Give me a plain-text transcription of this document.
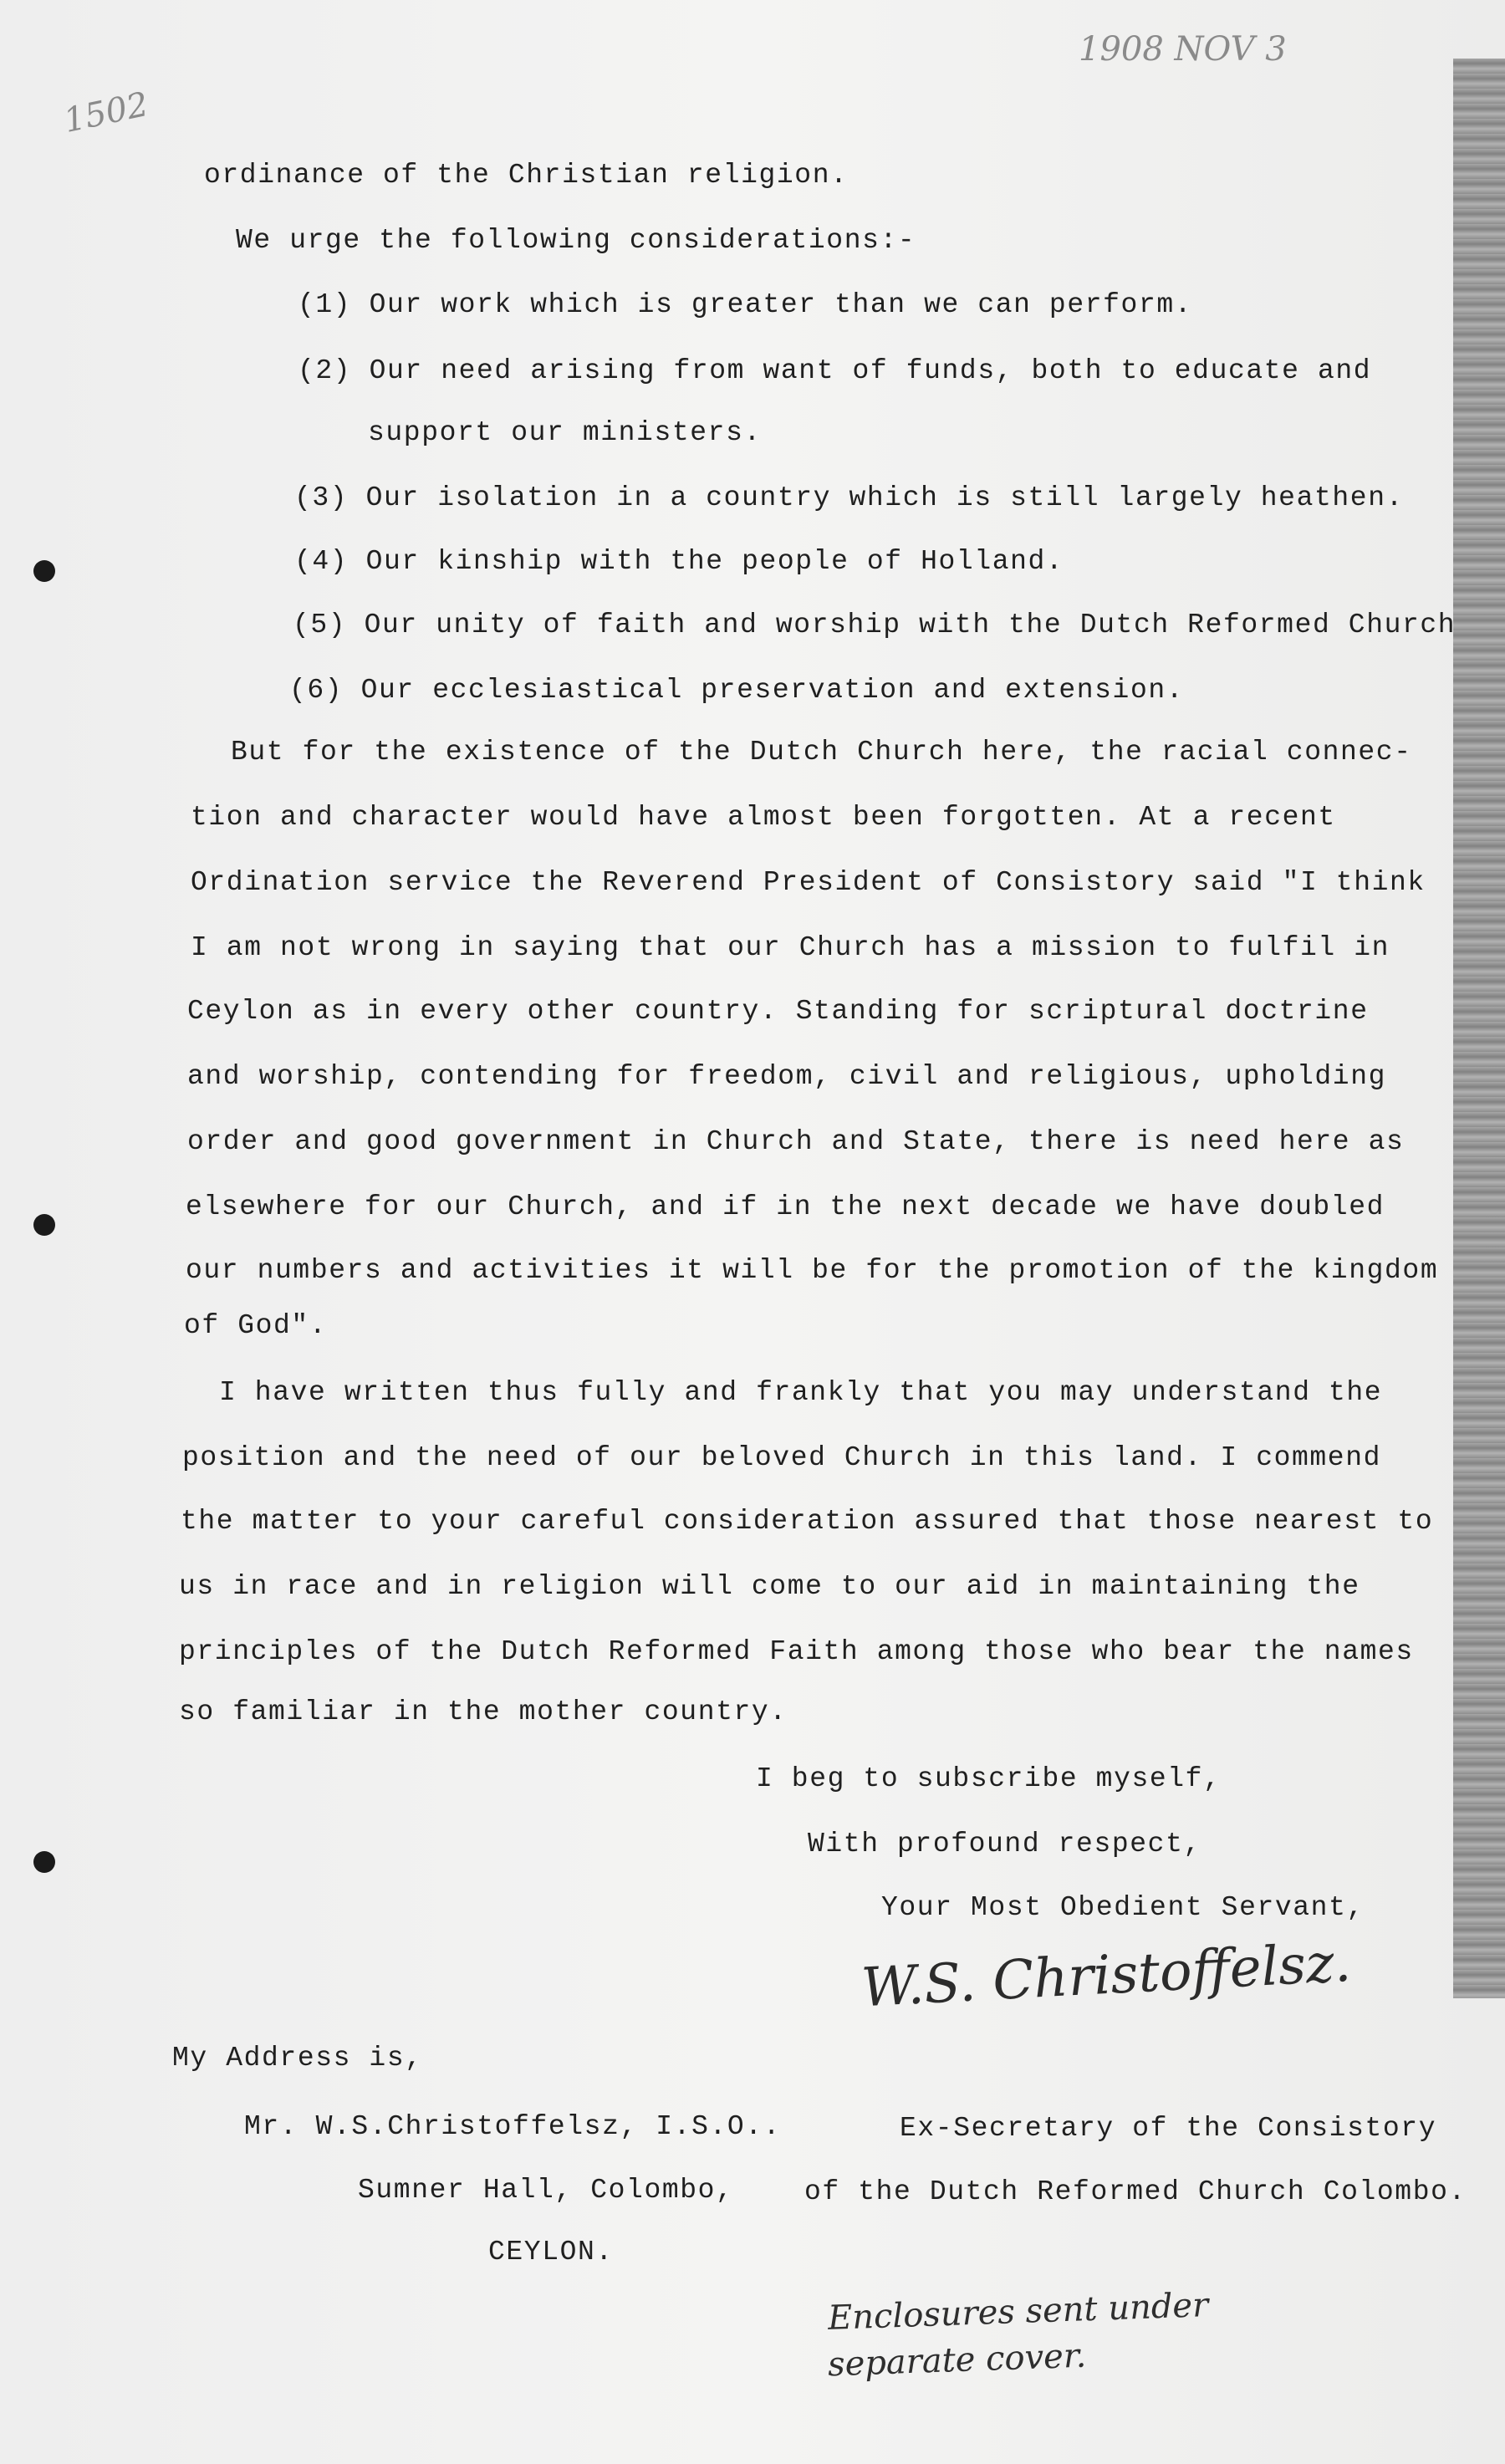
1502
1908 NOV 3
ordinance of the Christian religion.
We urge the following considerations:-
(1) Our work which is greater than we can perform.
(2) Our need arising from want of funds, both to educate and
support our ministers.
(3) Our isolation in a country which is still largely heathen.
(4) Our kinship with the people of Holland.
(5) Our unity of faith and worship with the Dutch Reformed Church
(6) Our ecclesiastical preservation and extension.
But for the existence of the Dutch Church here, the racial connec-
tion and character would have almost been forgotten. At a recent
Ordination service the Reverend President of Consistory said "I think
I am not wrong in saying that our Church has a mission to fulfil in
Ceylon as in every other country. Standing for scriptural doctrine
and worship, contending for freedom, civil and religious, upholding
order and good government in Church and State, there is need here as
elsewhere for our Church, and if in the next decade we have doubled
our numbers and activities it will be for the promotion of the kingdom
of God".
I have written thus fully and frankly that you may understand the
position and the need of our beloved Church in this land. I commend
the matter to your careful consideration assured that those nearest to
us in race and in religion will come to our aid in maintaining the
principles of the Dutch Reformed Faith among those who bear the names
so familiar in the mother country.
I beg to subscribe myself,
With profound respect,
Your Most Obedient Servant,
W.S. Christoffelsz.
My Address is,
Mr. W.S.Christoffelsz, I.S.O..
Sumner Hall, Colombo,
CEYLON.
Ex-Secretary of the Consistory
of the Dutch Reformed Church Colombo.
Enclosures sent under
separate cover.
